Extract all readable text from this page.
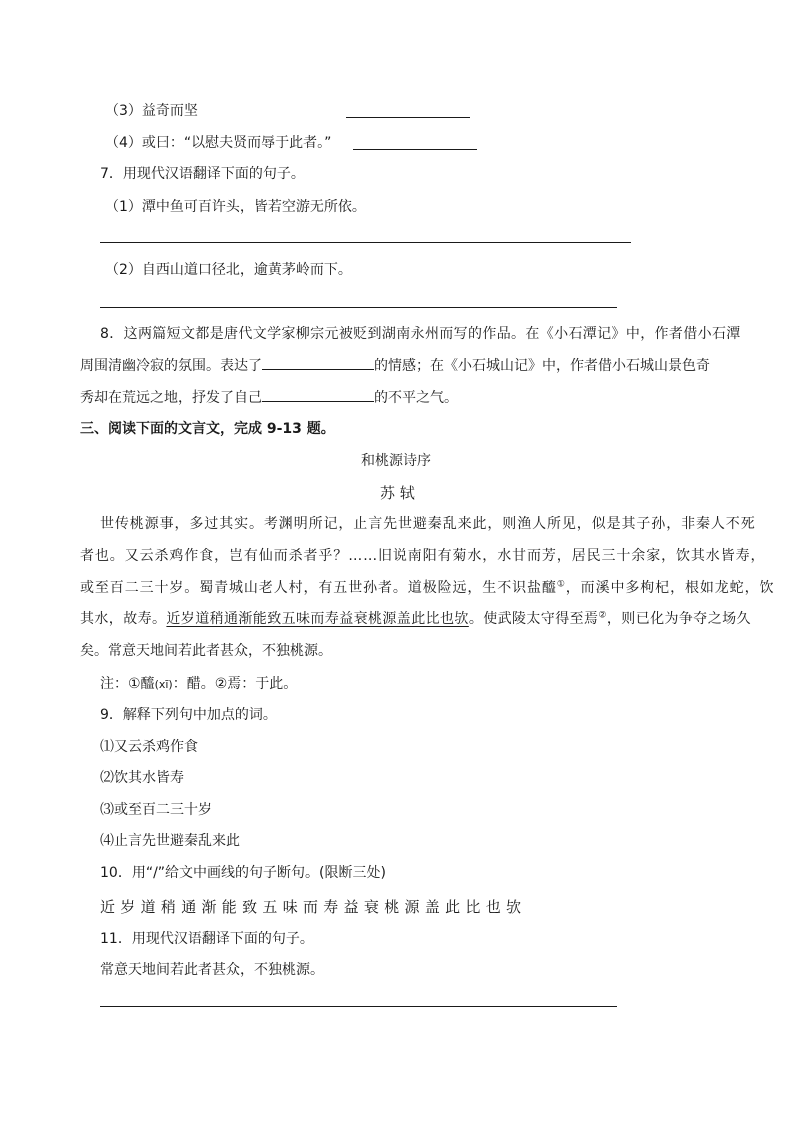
（3）益奇而坚
（4）或曰：“以慰夫贤而辱于此者。”
7．用现代汉语翻译下面的句子。
（1）潭中鱼可百许头，皆若空游无所依。
（2）自西山道口径北，逾黄茅岭而下。
8．这两篇短文都是唐代文学家柳宗元被贬到湖南永州而写的作品。在《小石潭记》中，作者借小石潭
周围清幽冷寂的氛围。表达了	的情感；在《小石城山记》中，作者借小石城山景色奇
秀却在荒远之地，抒发了自己	的不平之气。
三、阅读下面的文言文，完成 9-13 题。
和桃源诗序
苏 轼
世传桃源事，多过其实。考渊明所记，止言先世避秦乱来此，则渔人所见，似是其子孙，非秦人不死
者也。又云杀鸡作食，岂有仙而杀者乎？……旧说南阳有菊水，水甘而芳，居民三十余家，饮其水皆寿，
或至百二三十岁。蜀青城山老人村，有五世孙者。道极险远，生不识盐醯①，而溪中多枸杞，根如龙蛇，饮
其水，故寿。近岁道稍通渐能致五味而寿益衰桃源盖此比也欤。使武陵太守得至焉②，则已化为争夺之场久
矣。常意天地间若此者甚众，不独桃源。
注：①醯(xī)：醋。②焉：于此。
9．解释下列句中加点的词。
⑴又云杀鸡作食
⑵饮其水皆寿
⑶或至百二三十岁
⑷止言先世避秦乱来此
10．用“/”给文中画线的句子断句。(限断三处)
近岁道稍通渐能致五味而寿益衰桃源盖此比也欤
11．用现代汉语翻译下面的句子。
常意天地间若此者甚众，不独桃源。
